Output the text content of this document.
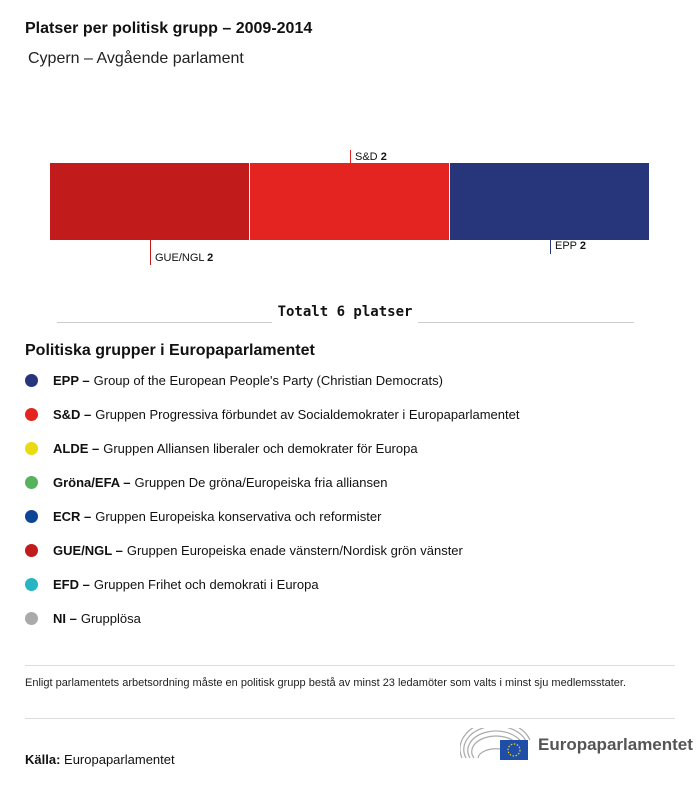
Platser per politisk grupp – 2009-2014
Cypern – Avgående parlament
GUE/NGL 2
S&D 2
EPP 2
Totalt 6 platser
Politiska grupper i Europaparlamentet
EPP – Group of the European People's Party (Christian Democrats)
S&D – Gruppen Progressiva förbundet av Socialdemokrater i Europaparlamentet
ALDE – Gruppen Alliansen liberaler och demokrater för Europa
Gröna/EFA – Gruppen De gröna/Europeiska fria alliansen
ECR – Gruppen Europeiska konservativa och reformister
GUE/NGL – Gruppen Europeiska enade vänstern/Nordisk grön vänster
EFD – Gruppen Frihet och demokrati i Europa
NI – Grupplösa
Enligt parlamentets arbetsordning måste en politisk grupp bestå av minst 23 ledamöter som valts i minst sju medlemsstater.
Källa: Europaparlamentet
Europaparlamentet
